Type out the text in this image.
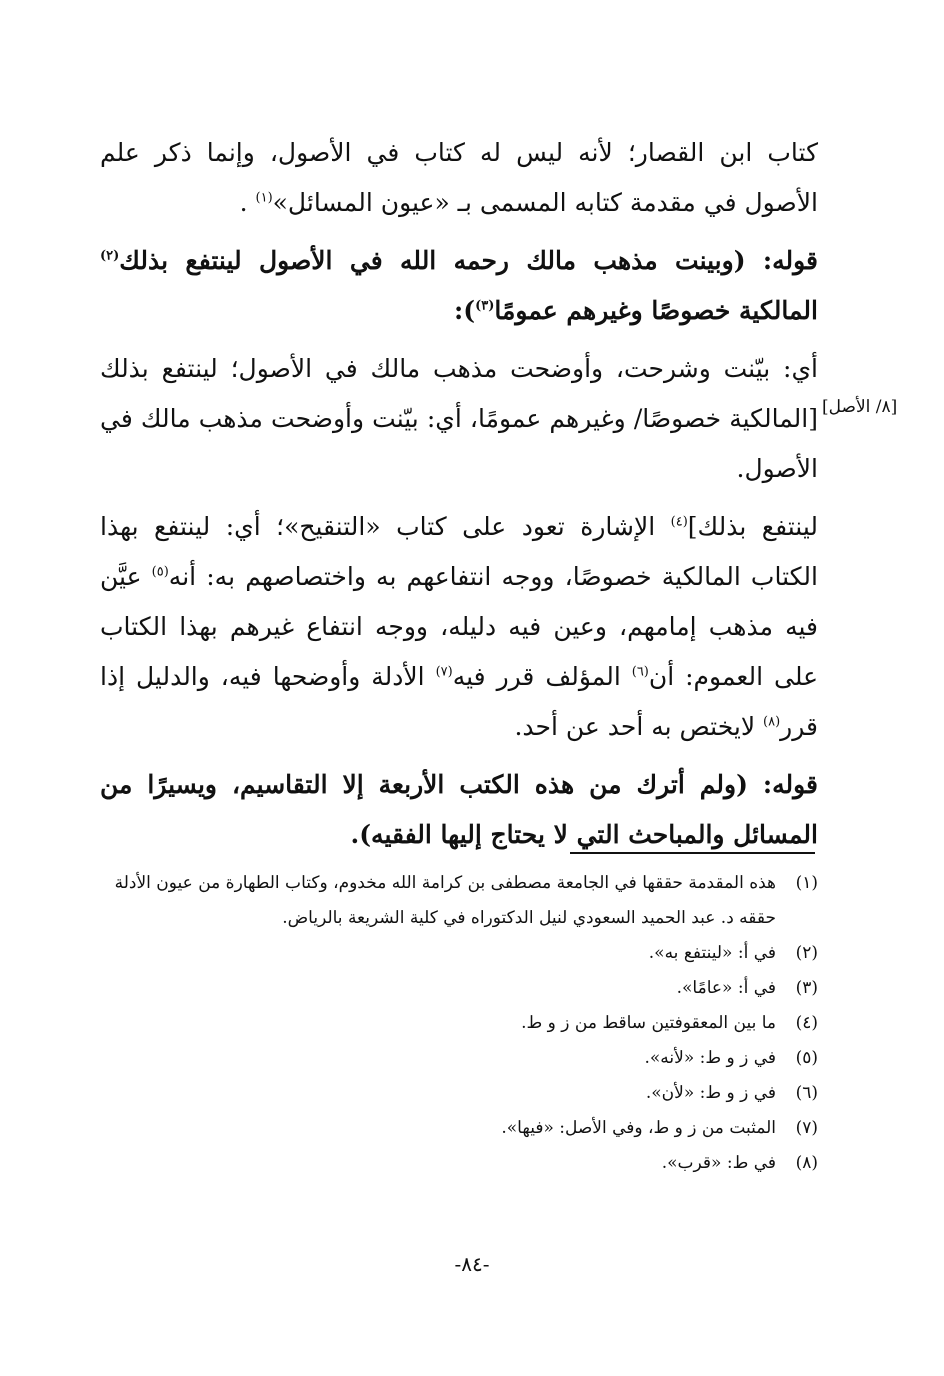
كتاب ابن القصار؛ لأنه ليس له كتاب في الأصول، وإنما ذكر علم الأصول في مقدمة كتابه المسمى بـ «عيون المسائل»$^{(١)}$ .

قوله: (وبينت مذهب مالك رحمه الله في الأصول لينتفع بذلك$^{(٢)}$ المالكية خصوصًا وغيرهم عمومًا$^{(٣)}$):

أي: بيّنت وشرحت، وأوضحت مذهب مالك في الأصول؛ لينتفع بذلك [المالكية خصوصًا/ وغيرهم عمومًا، أي: بيّنت وأوضحت مذهب مالك في الأصول.

لينتفع بذلك]$^{(٤)}$ الإشارة تعود على كتاب «التنقيح»؛ أي: لينتفع بهذا الكتاب المالكية خصوصًا، ووجه انتفاعهم به واختصاصهم به: أنه$^{(٥)}$ عيَّن فيه مذهب إمامهم، وعين فيه دليله، ووجه انتفاع غيرهم بهذا الكتاب على العموم: أن$^{(٦)}$ المؤلف قرر فيه$^{(٧)}$ الأدلة وأوضحها فيه، والدليل إذا قرر$^{(٨)}$ لايختص به أحد عن أحد.

قوله: (ولم أترك من هذه الكتب الأربعة إلا التقاسيم، ويسيرًا من المسائل والمباحث التي لا يحتاج إليها الفقيه).

[٨/ الأصل]
(١)
هذه المقدمة حققها في الجامعة مصطفى بن كرامة الله مخدوم، وكتاب الطهارة من عيون الأدلة حققه د. عبد الحميد السعودي لنيل الدكتوراه في كلية الشريعة بالرياض.
(٢)
في أ: «لينتفع به».
(٣)
في أ: «عامًا».
(٤)
ما بين المعقوفتين ساقط من ز و ط.
(٥)
في ز و ط: «لأنه».
(٦)
في ز و ط: «لأن».
(٧)
المثبت من ز و ط، وفي الأصل: «فيها».
(٨)
في ط: «قرب».
-٨٤-
